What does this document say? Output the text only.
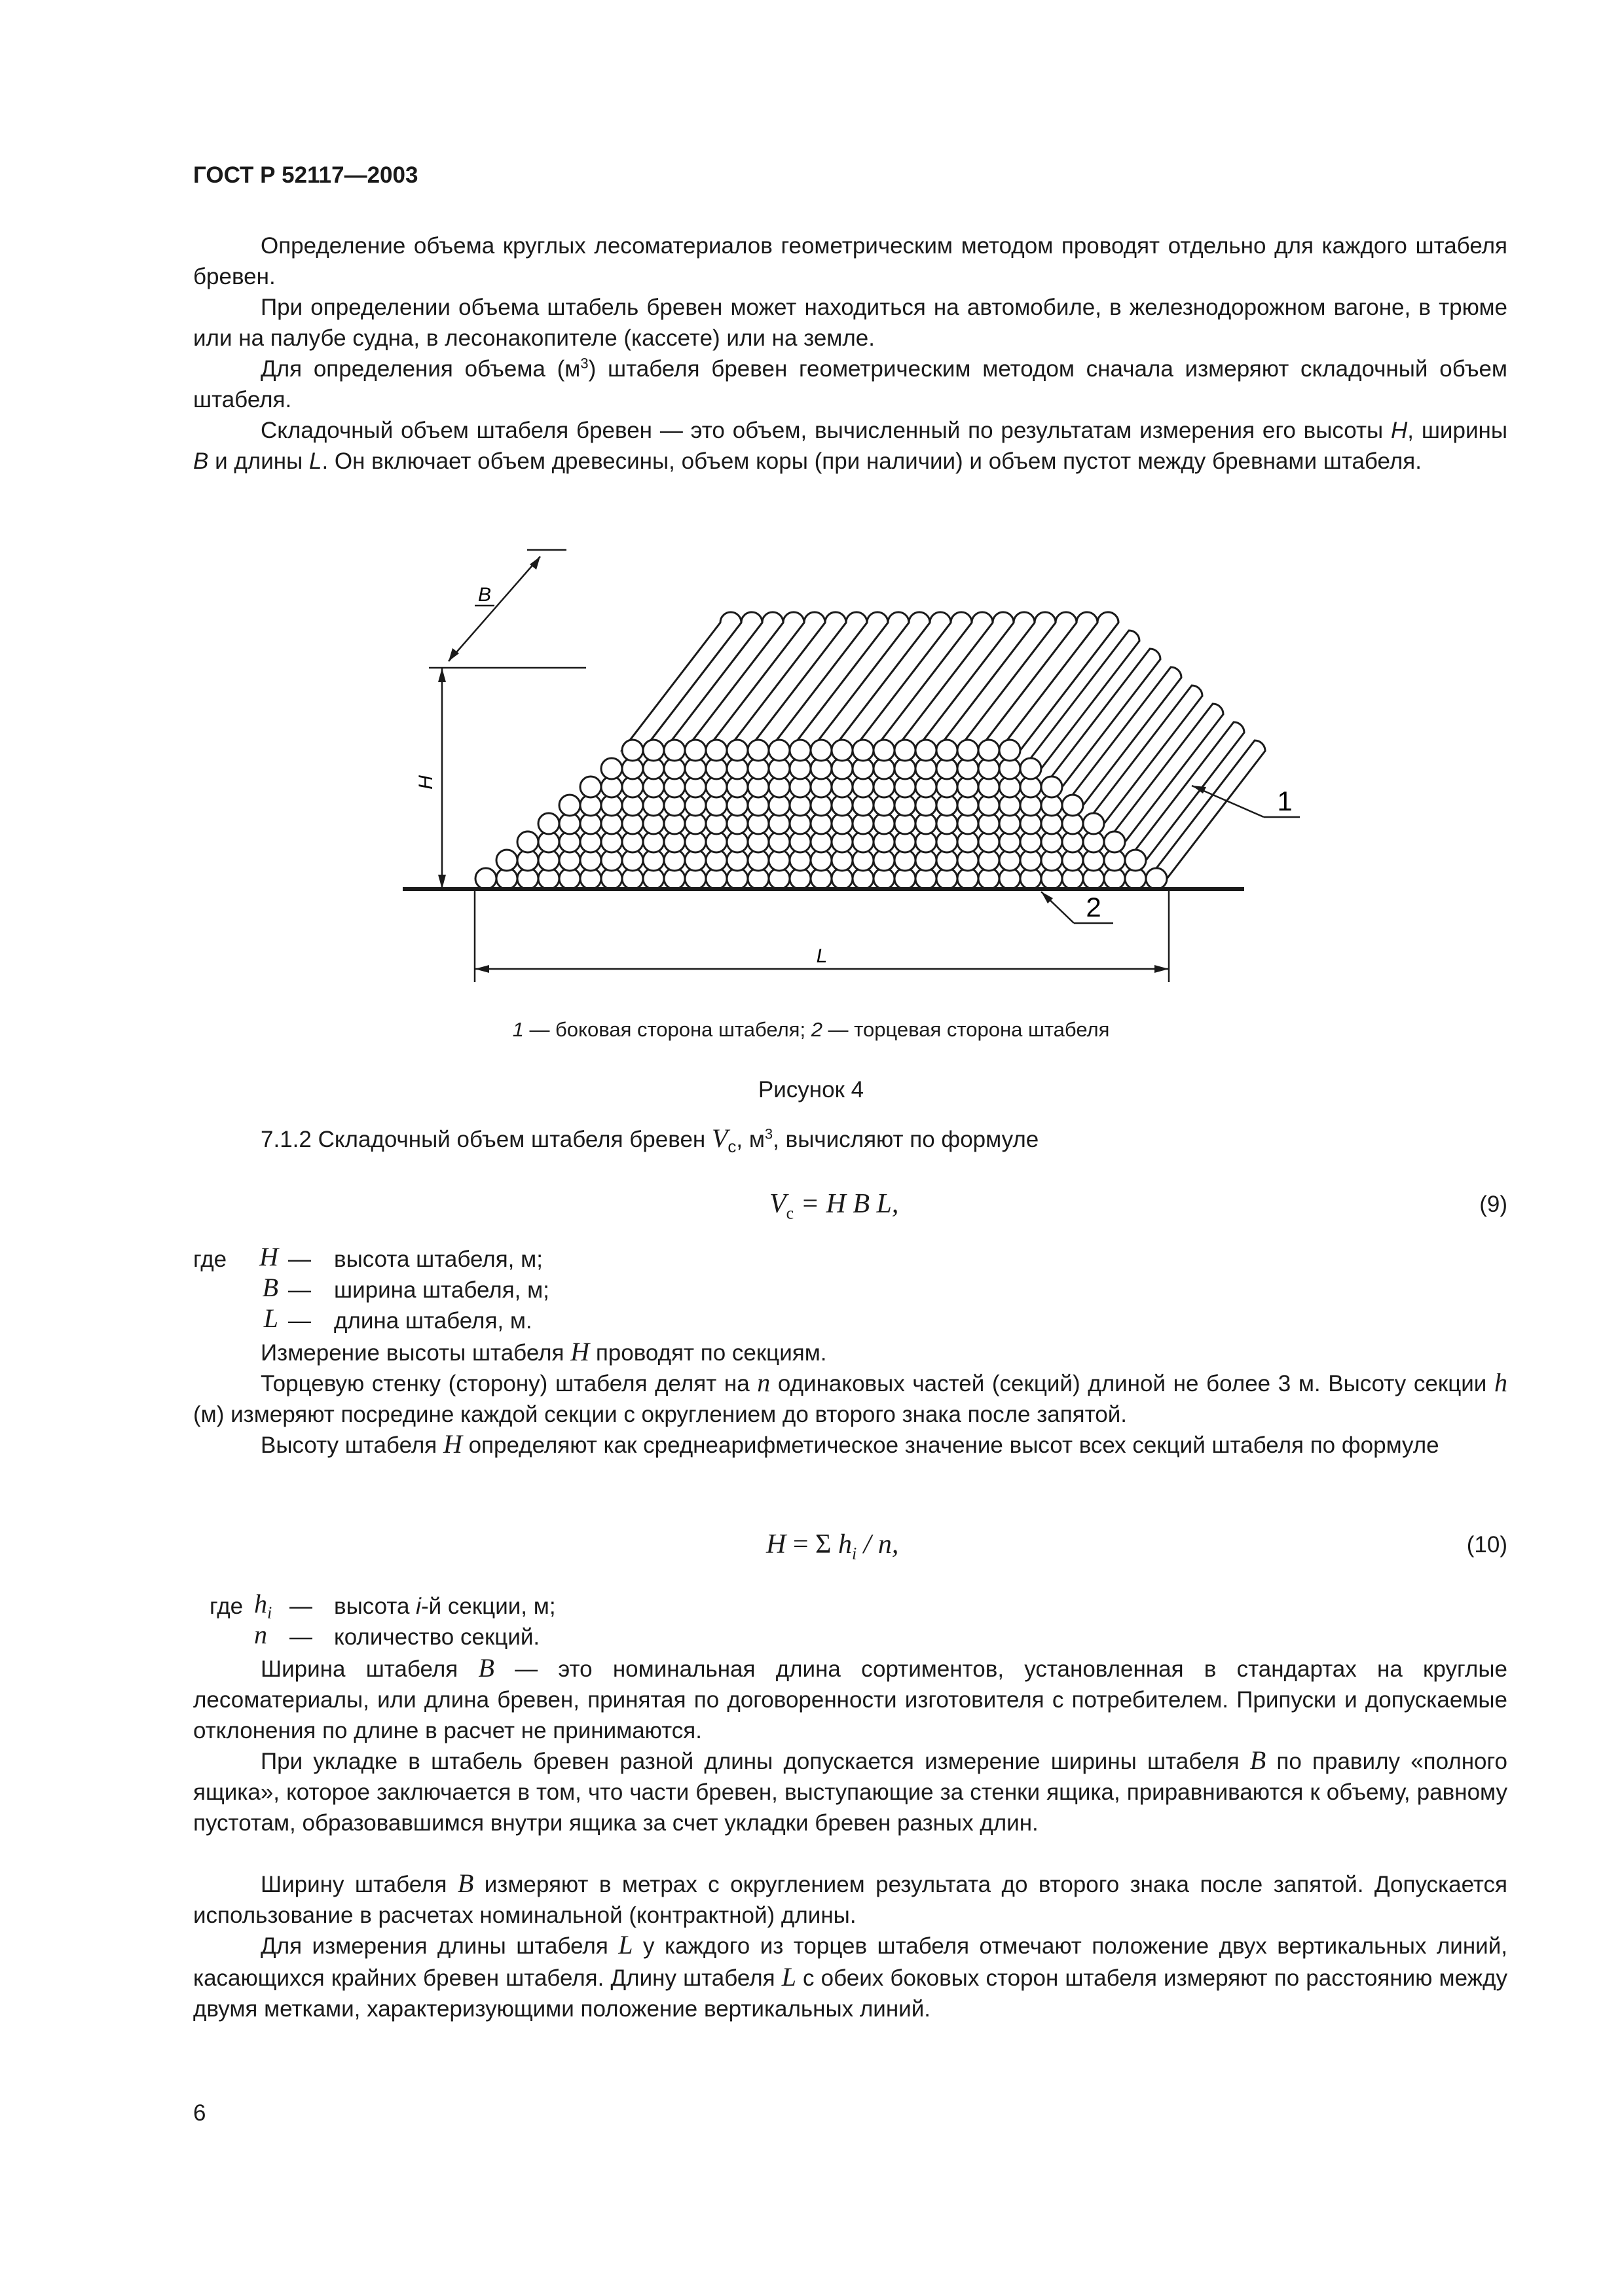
ГОСТ Р 52117—2003

Определение объема круглых лесоматериалов геометрическим методом проводят отдельно для каждого штабеля бревен.

При определении объема штабель бревен может находиться на автомобиле, в железнодорожном вагоне, в трюме или на палубе судна, в лесонакопителе (кассете) или на земле.

Для определения объема $(м^3)$ штабеля бревен геометрическим методом сначала измеряют складочный объем штабеля.

Складочный объем штабеля бревен — это объем, вычисленный по результатам измерения его высоты H, ширины B и длины L. Он включает объем древесины, объем коры (при наличии) и объем пустот между бревнами штабеля.

H
B
L
1
2
1 — боковая сторона штабеля; 2 — торцевая сторона штабеля
Рисунок 4

7.1.2 Складочный объем штабеля бревен $V_с$, $м^3$, вычисляют по формуле

$V_с = H$ B L,	(9)
где H — высота штабеля, м;
B — ширина штабеля, м;
L — длина штабеля, м.

Измерение высоты штабеля H проводят по секциям.

Торцевую стенку (сторону) штабеля делят на n одинаковых частей (секций) длиной не более 3 м. Высоту секции h (м) измеряют посредине каждой секции с округлением до второго знака после запятой.

Высоту штабеля H определяют как среднеарифметическое значение высот всех секций штабеля по формуле

H = Σ $h_i$ / n,	(10)
где $h_i$ — высота i-й секции, м;
n — количество секций.

Ширина штабеля B — это номинальная длина сортиментов, установленная в стандартах на круглые лесоматериалы, или длина бревен, принятая по договоренности изготовителя с потребителем. Припуски и допускаемые отклонения по длине в расчет не принимаются.

При укладке в штабель бревен разной длины допускается измерение ширины штабеля B по правилу «полного ящика», которое заключается в том, что части бревен, выступающие за стенки ящика, приравниваются к объему, равному пустотам, образовавшимся внутри ящика за счет укладки бревен разных длин.

Ширину штабеля B измеряют в метрах с округлением результата до второго знака после запятой. Допускается использование в расчетах номинальной (контрактной) длины.

Для измерения длины штабеля L у каждого из торцев штабеля отмечают положение двух вертикальных линий, касающихся крайних бревен штабеля. Длину штабеля L с обеих боковых сторон штабеля измеряют по расстоянию между двумя метками, характеризующими положение вертикальных линий.

6
